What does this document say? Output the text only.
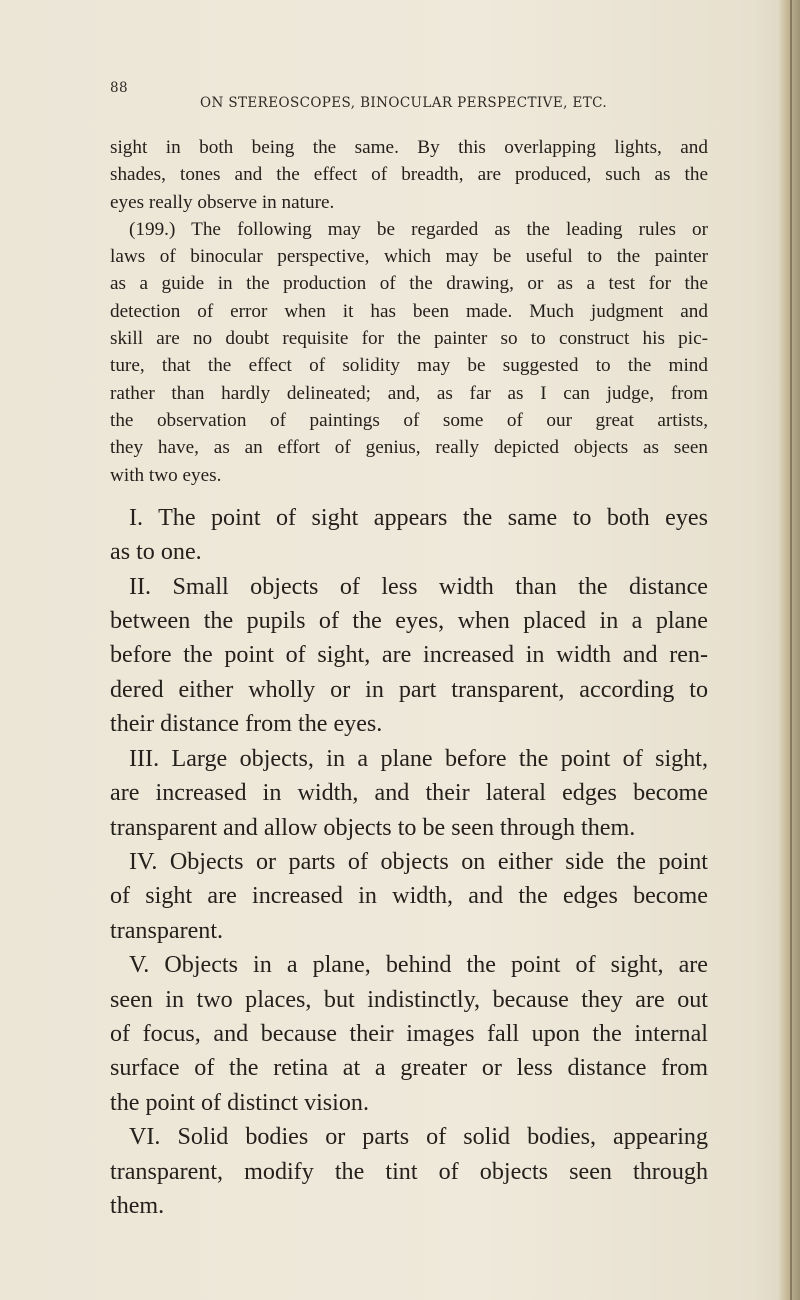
88
ON STEREOSCOPES, BINOCULAR PERSPECTIVE, ETC.

sight in both being the same. By this overlapping lights, and

shades, tones and the effect of breadth, are produced, such as the

eyes really observe in nature.

(199.) The following may be regarded as the leading rules or

laws of binocular perspective, which may be useful to the painter

as a guide in the production of the drawing, or as a test for the

detection of error when it has been made. Much judgment and

skill are no doubt requisite for the painter so to construct his pic-

ture, that the effect of solidity may be suggested to the mind

rather than hardly delineated; and, as far as I can judge, from

the observation of paintings of some of our great artists,

they have, as an effort of genius, really depicted objects as seen

with two eyes.

I. The point of sight appears the same to both eyes

as to one.

II. Small objects of less width than the distance

between the pupils of the eyes, when placed in a plane

before the point of sight, are increased in width and ren-

dered either wholly or in part transparent, according to

their distance from the eyes.

III. Large objects, in a plane before the point of sight,

are increased in width, and their lateral edges become

transparent and allow objects to be seen through them.

IV. Objects or parts of objects on either side the point

of sight are increased in width, and the edges become

transparent.

V. Objects in a plane, behind the point of sight, are

seen in two places, but indistinctly, because they are out

of focus, and because their images fall upon the internal

surface of the retina at a greater or less distance from

the point of distinct vision.

VI. Solid bodies or parts of solid bodies, appearing

transparent, modify the tint of objects seen through

them.
